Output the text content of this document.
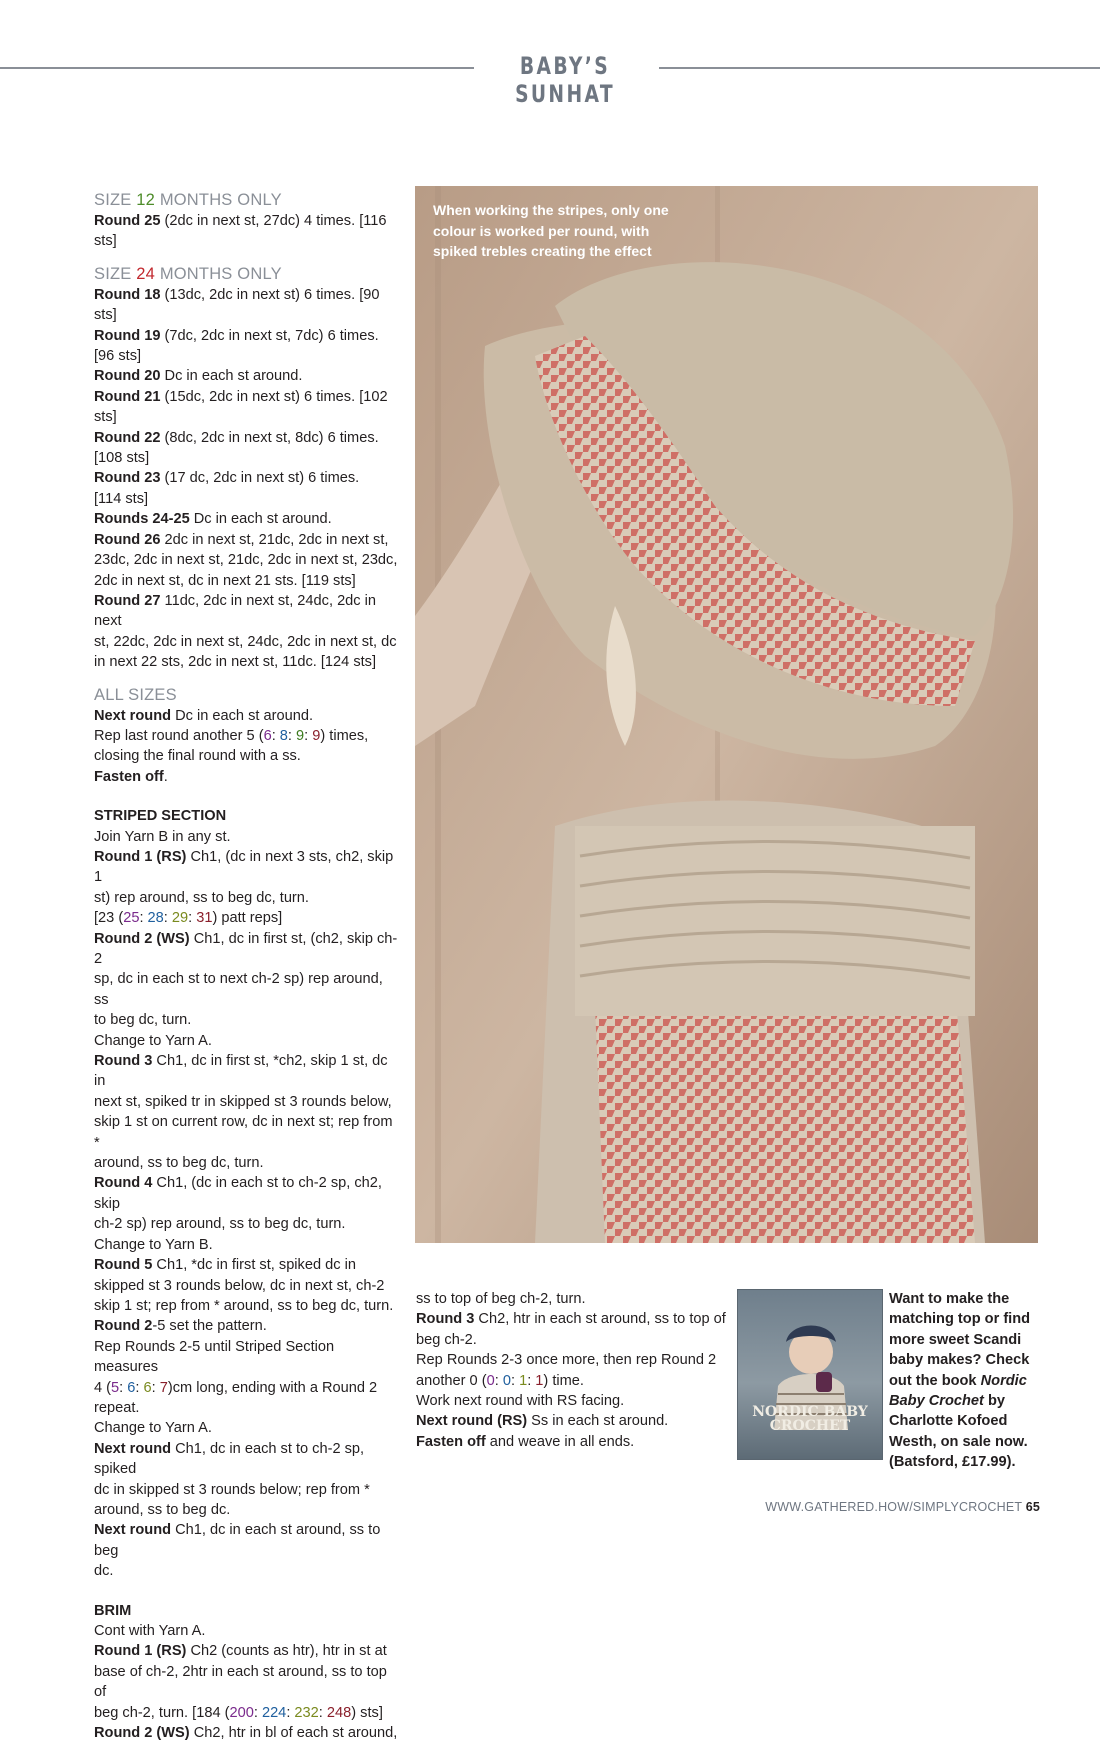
BABY’S SUNHAT

SIZE 12 MONTHS ONLY

Round 25 (2dc in next st, 27dc) 4 times. [116 sts]

SIZE 24 MONTHS ONLY

Round 18 (13dc, 2dc in next st) 6 times. [90 sts]

Round 19 (7dc, 2dc in next st, 7dc) 6 times.

[96 sts]

Round 20 Dc in each st around.

Round 21 (15dc, 2dc in next st) 6 times. [102 sts]

Round 22 (8dc, 2dc in next st, 8dc) 6 times.

[108 sts]

Round 23 (17 dc, 2dc in next st) 6 times.

[114 sts]

Rounds 24-25 Dc in each st around.

Round 26 2dc in next st, 21dc, 2dc in next st,

23dc, 2dc in next st, 21dc, 2dc in next st, 23dc,

2dc in next st, dc in next 21 sts. [119 sts]

Round 27 11dc, 2dc in next st, 24dc, 2dc in next

st, 22dc, 2dc in next st, 24dc, 2dc in next st, dc

in next 22 sts, 2dc in next st, 11dc. [124 sts]

ALL SIZES

Next round Dc in each st around.

Rep last round another 5 (6: 8: 9: 9) times,

closing the final round with a ss.

Fasten off.

STRIPED SECTION

Join Yarn B in any st.

Round 1 (RS) Ch1, (dc in next 3 sts, ch2, skip 1

st) rep around, ss to beg dc, turn.

[23 (25: 28: 29: 31) patt reps]

Round 2 (WS) Ch1, dc in first st, (ch2, skip ch-2

sp, dc in each st to next ch-2 sp) rep around, ss

to beg dc, turn.

Change to Yarn A.

Round 3 Ch1, dc in first st, *ch2, skip 1 st, dc in

next st, spiked tr in skipped st 3 rounds below,

skip 1 st on current row, dc in next st; rep from *

around, ss to beg dc, turn.

Round 4 Ch1, (dc in each st to ch-2 sp, ch2, skip

ch-2 sp) rep around, ss to beg dc, turn.

Change to Yarn B.

Round 5 Ch1, *dc in first st, spiked dc in

skipped st 3 rounds below, dc in next st, ch-2

skip 1 st; rep from * around, ss to beg dc, turn.

Round 2-5 set the pattern.

Rep Rounds 2-5 until Striped Section measures

4 (5: 6: 6: 7)cm long, ending with a Round 2

repeat.

Change to Yarn A.

Next round Ch1, dc in each st to ch-2 sp, spiked

dc in skipped st 3 rounds below; rep from *

around, ss to beg dc.

Next round Ch1, dc in each st around, ss to beg

dc.

BRIM

Cont with Yarn A.

Round 1 (RS) Ch2 (counts as htr), htr in st at

base of ch-2, 2htr in each st around, ss to top of

beg ch-2, turn. [184 (200: 224: 232: 248) sts]

Round 2 (WS) Ch2, htr in bl of each st around,

When working the stripes, only one colour is worked per round, with spiked trebles creating the effect

ss to top of beg ch-2, turn.

Round 3 Ch2, htr in each st around, ss to top of

beg ch-2.

Rep Rounds 2-3 once more, then rep Round 2

another 0 (0: 0: 1: 1) time.

Work next round with RS facing.

Next round (RS) Ss in each st around.

Fasten off and weave in all ends.

NORDIC BABY
CROCHET
Want to make the matching top or find more sweet Scandi baby makes? Check out the book Nordic Baby Crochet by Charlotte Kofoed Westh, on sale now. (Batsford, £17.99).
WWW.GATHERED.HOW/SIMPLYCROCHET 65
